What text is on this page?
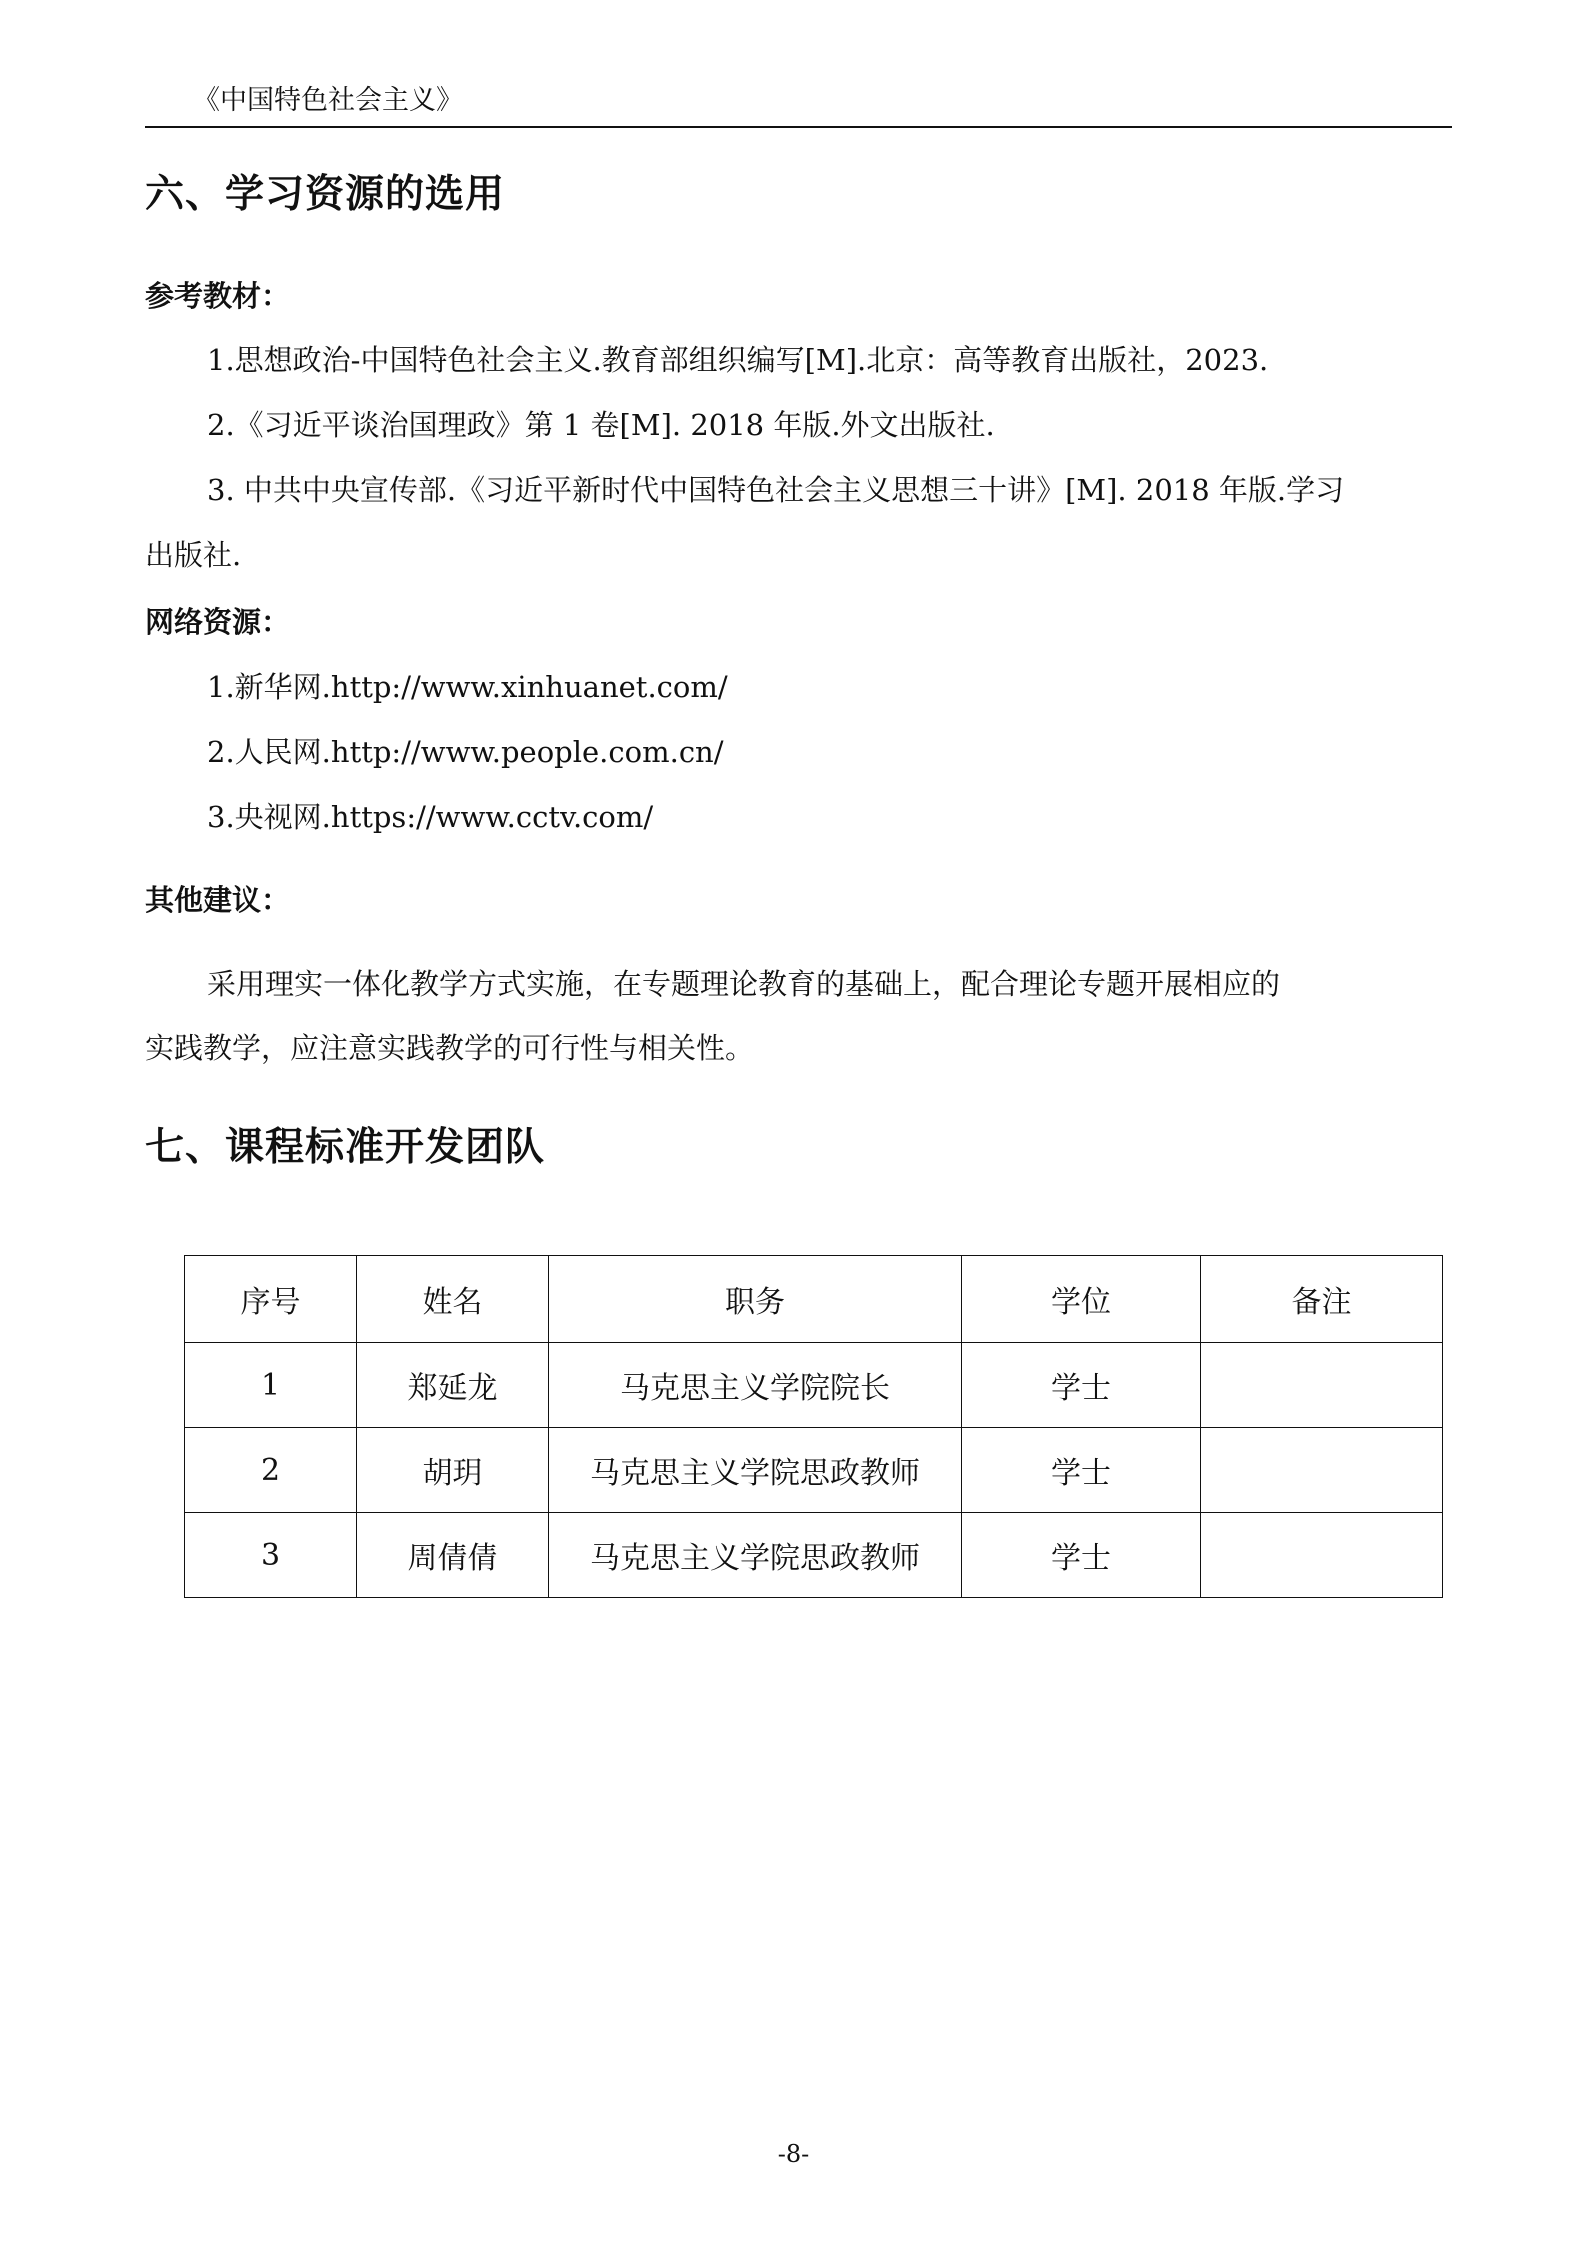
《中国特色社会主义》
六、学习资源的选用
参考教材：
1.思想政治-中国特色社会主义.教育部组织编写[M].北京：高等教育出版社，2023.
2.《习近平谈治国理政》第 1 卷[M]. 2018 年版.外文出版社.
3. 中共中央宣传部.《习近平新时代中国特色社会主义思想三十讲》[M]. 2018 年版.学习
出版社.
网络资源：
1.新华网.http://www.xinhuanet.com/
2.人民网.http://www.people.com.cn/
3.央视网.https://www.cctv.com/
其他建议：
采用理实一体化教学方式实施，在专题理论教育的基础上，配合理论专题开展相应的
实践教学，应注意实践教学的可行性与相关性。
七、课程标准开发团队
序号	姓名	职务	学位	备注
1	郑延龙	马克思主义学院院长	学士	
2	胡玥	马克思主义学院思政教师	学士	
3	周倩倩	马克思主义学院思政教师	学士	
-8-
